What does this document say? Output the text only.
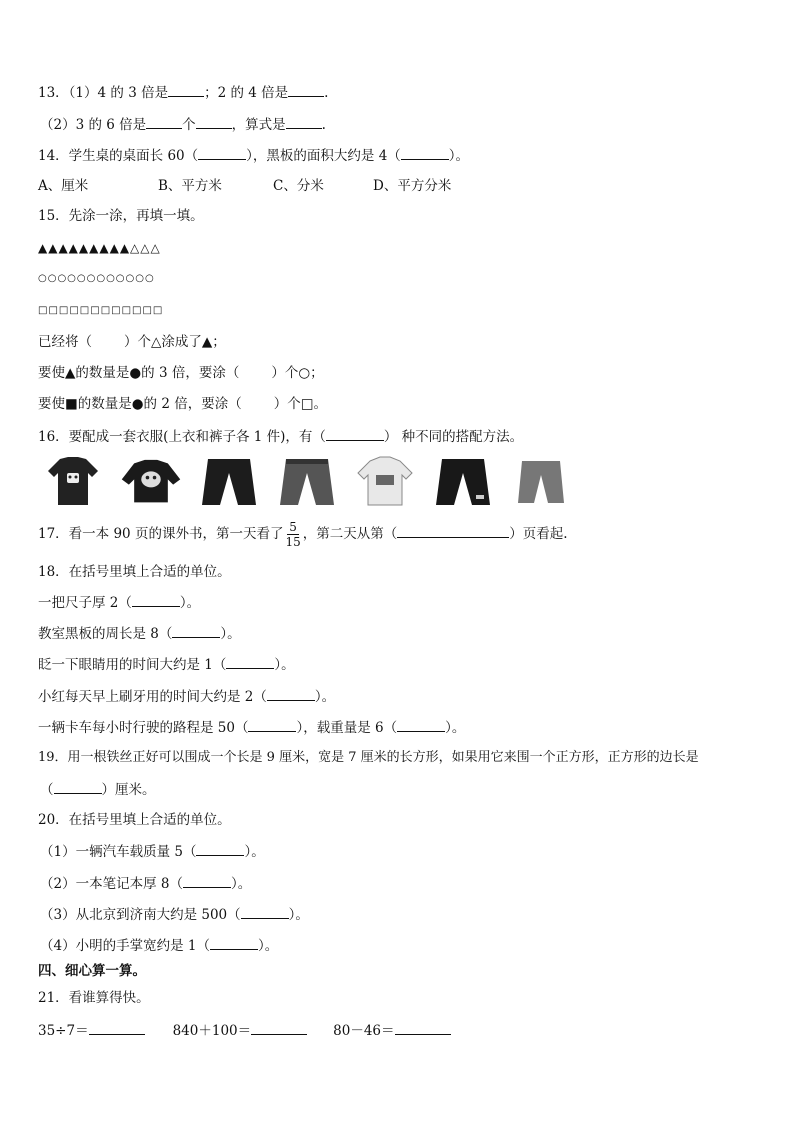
13．（1）4 的 3 倍是	；2 的 4 倍是	.
（2）3 的 6 倍是	个	，算式是	.
14．学生桌的桌面长 60（	），黑板的面积大约是 4（	）。
A、厘米	B、平方米	C、分米	D、平方分米
15．先涂一涂，再填一填。
▲▲▲▲▲▲▲▲▲△△△
○○○○○○○○○○○○
□□□□□□□□□□□□
已经将（ ）个△涂成了▲；
要使▲的数量是●的 3 倍，要涂（ ）个○；
要使■的数量是●的 2 倍，要涂（ ）个□。
16．要配成一套衣服(上衣和裤子各 1 件)，有（	） 种不同的搭配方法。
17．看一本 90 页的课外书，第一天看了 $\frac{5}{15}$ ，第二天从第（	）页看起.
18．在括号里填上合适的单位。
一把尺子厚 2（	）。
教室黑板的周长是 8（	）。
眨一下眼睛用的时间大约是 1（	）。
小红每天早上刷牙用的时间大约是 2（	）。
一辆卡车每小时行驶的路程是 50（	），载重量是 6（	）。
19．用一根铁丝正好可以围成一个长是 9 厘米，宽是 7 厘米的长方形，如果用它来围一个正方形，正方形的边长是
（	）厘米。
20．在括号里填上合适的单位。
（1）一辆汽车载质量 5（	）。
（2）一本笔记本厚 8（	）。
（3）从北京到济南大约是 500（	）。
（4）小明的手掌宽约是 1（	）。
四、细心算一算。
21．看谁算得快。
35÷7＝	840＋100＝	80－46＝
